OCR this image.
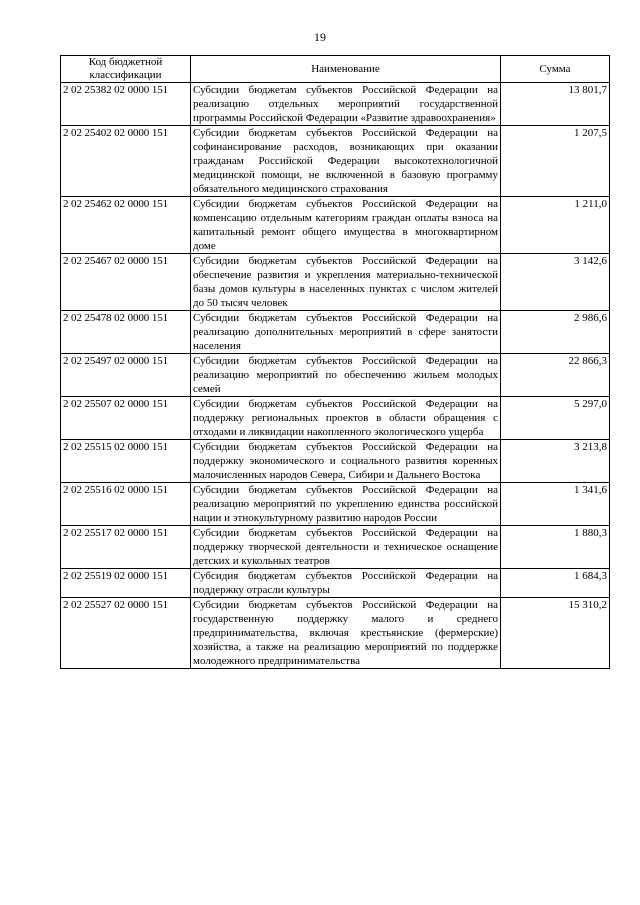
19
Код бюджетной классификации	Наименование	Сумма
2 02 25382 02 0000 151	Субсидии бюджетам субъектов Российской Федерации на реализацию отдельных мероприятий государственной программы Российской Федерации «Развитие здравоохранения»	13 801,7
2 02 25402 02 0000 151	Субсидии бюджетам субъектов Российской Федерации на софинансирование расходов, возникающих при оказании гражданам Российской Федерации высокотехнологичной медицинской помощи, не включенной в базовую программу обязательного медицинского страхования	1 207,5
2 02 25462 02 0000 151	Субсидии бюджетам субъектов Российской Федерации на компенсацию отдельным категориям граждан оплаты взноса на капитальный ремонт общего имущества в многоквартирном доме	1 211,0
2 02 25467 02 0000 151	Субсидии бюджетам субъектов Российской Федерации на обеспечение развития и укрепления материально-технической базы домов культуры в населенных пунктах с числом жителей до 50 тысяч человек	3 142,6
2 02 25478 02 0000 151	Субсидии бюджетам субъектов Российской Федерации на реализацию дополнительных мероприятий в сфере занятости населения	2 986,6
2 02 25497 02 0000 151	Субсидии бюджетам субъектов Российской Федерации на реализацию мероприятий по обеспечению жильем молодых семей	22 866,3
2 02 25507 02 0000 151	Субсидии бюджетам субъектов Российской Федерации на поддержку региональных проектов в области обращения с отходами и ликвидации накопленного экологического ущерба	5 297,0
2 02 25515 02 0000 151	Субсидии бюджетам субъектов Российской Федерации на поддержку экономического и социального развития коренных малочисленных народов Севера, Сибири и Дальнего Востока	3 213,8
2 02 25516 02 0000 151	Субсидии бюджетам субъектов Российской Федерации на реализацию мероприятий по укреплению единства российской нации и этнокультурному развитию народов России	1 341,6
2 02 25517 02 0000 151	Субсидии бюджетам субъектов Российской Федерации на поддержку творческой деятельности и техническое оснащение детских и кукольных театров	1 880,3
2 02 25519 02 0000 151	Субсидия бюджетам субъектов Российской Федерации на поддержку отрасли культуры	1 684,3
2 02 25527 02 0000 151	Субсидии бюджетам субъектов Российской Федерации на государственную поддержку малого и среднего предпринимательства, включая крестьянские (фермерские) хозяйства, а также на реализацию мероприятий по поддержке молодежного предпринимательства	15 310,2
